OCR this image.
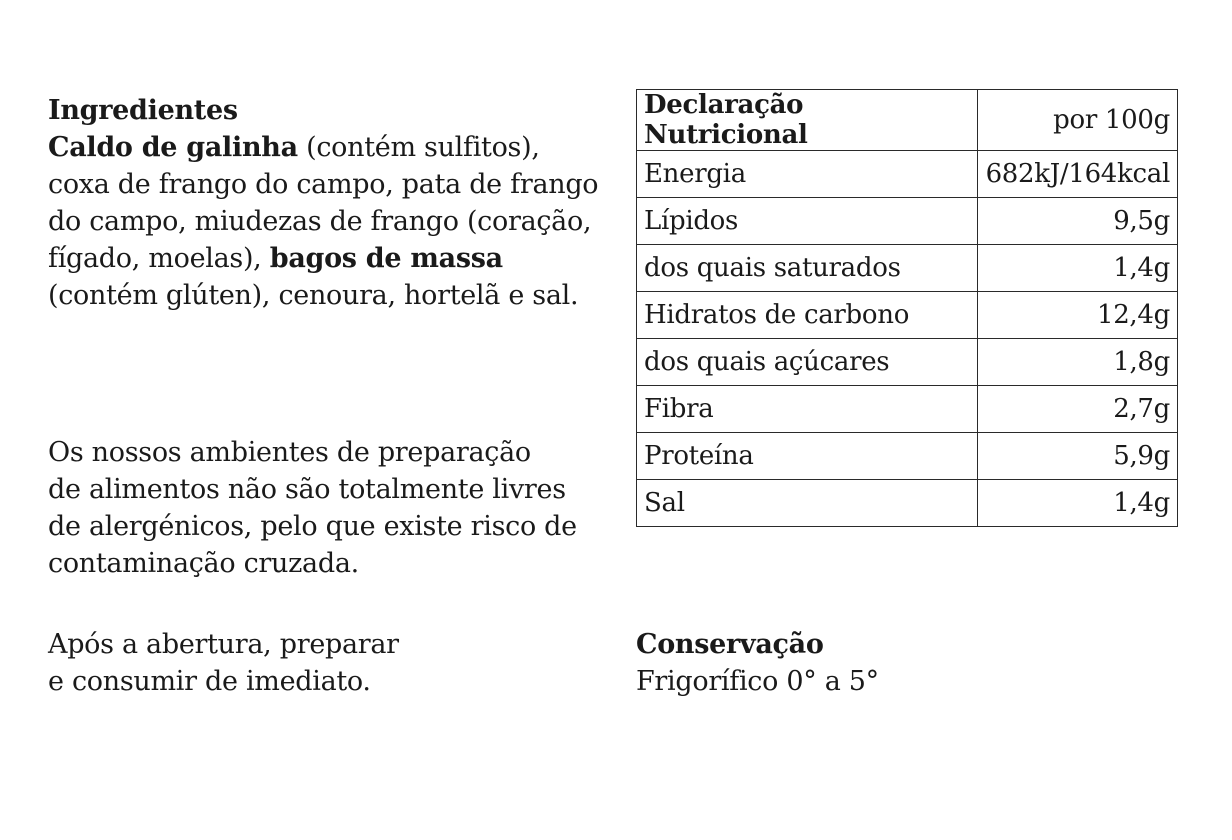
Ingredientes
Caldo de galinha (contém sulfitos), coxa de frango do campo, pata de frango do campo, miudezas de frango (coração, fígado, moelas), bagos de massa (contém glúten), cenoura, hortelã e sal.
Os nossos ambientes de preparação
de alimentos não são totalmente livres
de alergénicos, pelo que existe risco de
contaminação cruzada.
Após a abertura, preparar
e consumir de imediato.
Conservação
Frigorífico 0° a 5°
Declaração Nutricional	por 100g
Energia	682kJ/164kcal
Lípidos	9,5g
dos quais saturados	1,4g
Hidratos de carbono	12,4g
dos quais açúcares	1,8g
Fibra	2,7g
Proteína	5,9g
Sal	1,4g
